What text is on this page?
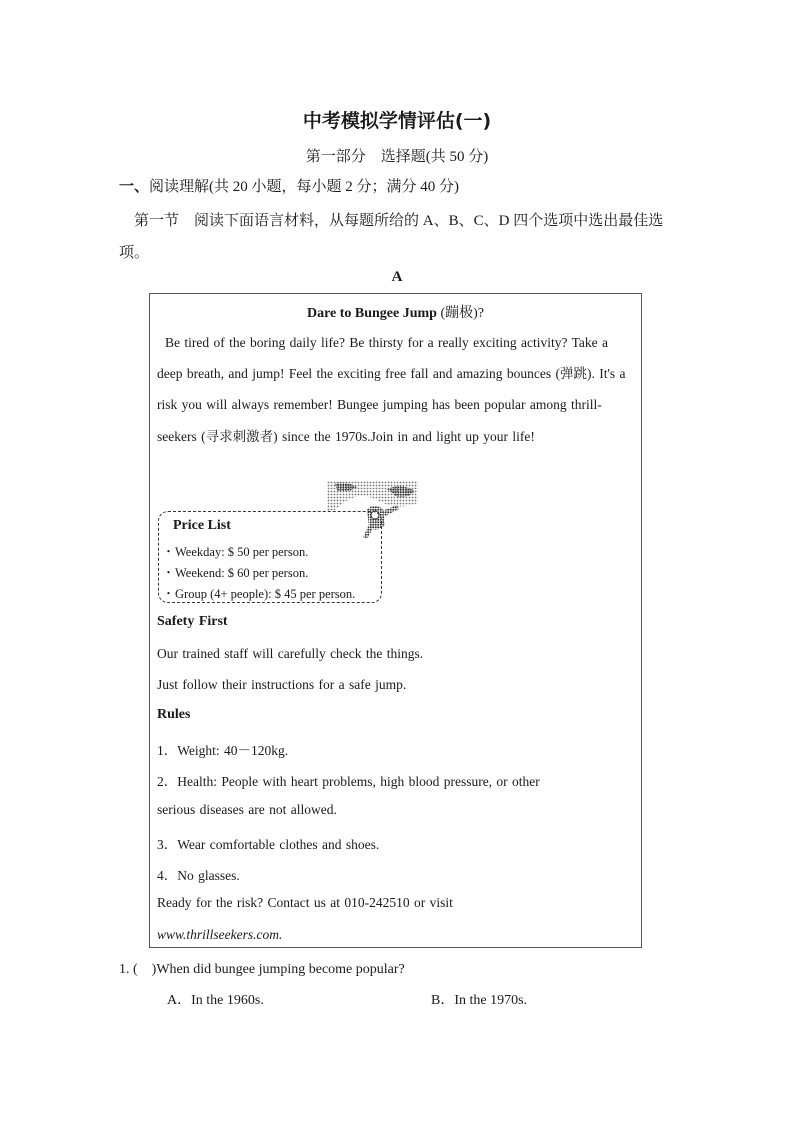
中考模拟学情评估(一)
第一部分　选择题(共 50 分)
一、阅读理解(共 20 小题，每小题 2 分；满分 40 分)
第一节　 阅读下面语言材料，从每题所给的 A、B、C、D 四个选项中选出最佳选项。
A
Dare to Bungee Jump (蹦极)?
Be tired of the boring daily life? Be thirsty for a really exciting activity? Take a deep breath, and jump! Feel the exciting free fall and amazing bounces (弹跳). It's a risk you will always remember! Bungee jumping has been popular among thrill-seekers (寻求刺激者) since the 1970s.Join in and light up your life!
Price List
・Weekday: $ 50 per person.
・Weekend: $ 60 per person.
・Group (4+ people): $ 45 per person.
Safety First
Our trained staff will carefully check the things.
Just follow their instructions for a safe jump.
Rules
1．Weight: 40－120kg.
2．Health: People with heart problems, high blood pressure, or other
serious diseases are not allowed.
3．Wear comfortable clothes and shoes.
4．No glasses.
Ready for the risk? Contact us at 010-242510 or visit
www.thrillseekers.com.
1. (　)When did bungee jumping become popular?
A．In the 1960s.	B．In the 1970s.
